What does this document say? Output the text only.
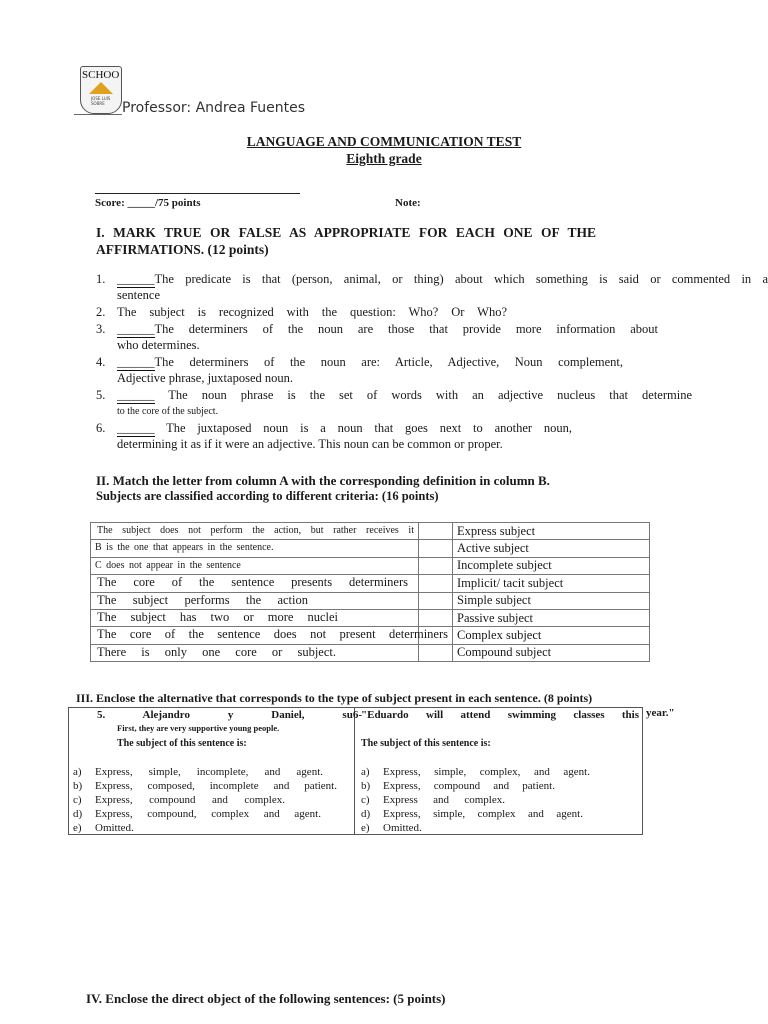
SCHOO
JOSE LUIS SOBRE	Professor: Andrea Fuentes
LANGUAGE AND COMMUNICATION TEST
Eighth grade
Score: _____/75 points	Note:
I. MARK TRUE OR FALSE AS APPROPRIATE FOR EACH ONE OF THE AFFIRMATIONS. (12 points)
1. ______The predicate is that (person, animal, or thing) about which something is said or commented in a
sentence
2. The subject is recognized with the question: Who? Or Who?
3. ______The determiners of the noun are those that provide more information about
who determines.
4. ______The determiners of the noun are: Article, Adjective, Noun complement,
Adjective phrase, juxtaposed noun.
5. ______ The noun phrase is the set of words with an adjective nucleus that determine
to the core of the subject.
6. ______ The juxtaposed noun is a noun that goes next to another noun,
determining it as if it were an adjective. This noun can be common or proper.
II. Match the letter from column A with the corresponding definition in column B.
Subjects are classified according to different criteria: (16 points)
The subject does not perform the action, but rather receives it		Express subject

B is the one that appears in the sentence.		Active subject

C does not appear in the sentence		Incomplete subject

The core of the sentence presents determiners		Implicit/ tacit subject

The subject performs the action		Simple subject

The subject has two or more nuclei		Passive subject

The core of the sentence does not present determiners		Complex subject

There is only one core or subject.		Compound subject
III. Enclose the alternative that corresponds to the type of subject present in each sentence. (8 points)
5. Alejandro y Daniel, su6-
First, they are very supportive young people.
The subject of this sentence is:
a) Express, simple, incomplete, and agent.
b) Express, composed, incomplete and patient.
c) Express, compound and complex.
d) Express, compound, complex and agent.
e) Omitted.

"Eduardo will attend swimming classes this
The subject of this sentence is:
a) Express, simple, complex, and agent.
b) Express, compound and patient.
c) Express and complex.
d) Express, simple, complex and agent.
e) Omitted.
year."
IV. Enclose the direct object of the following sentences: (5 points)
